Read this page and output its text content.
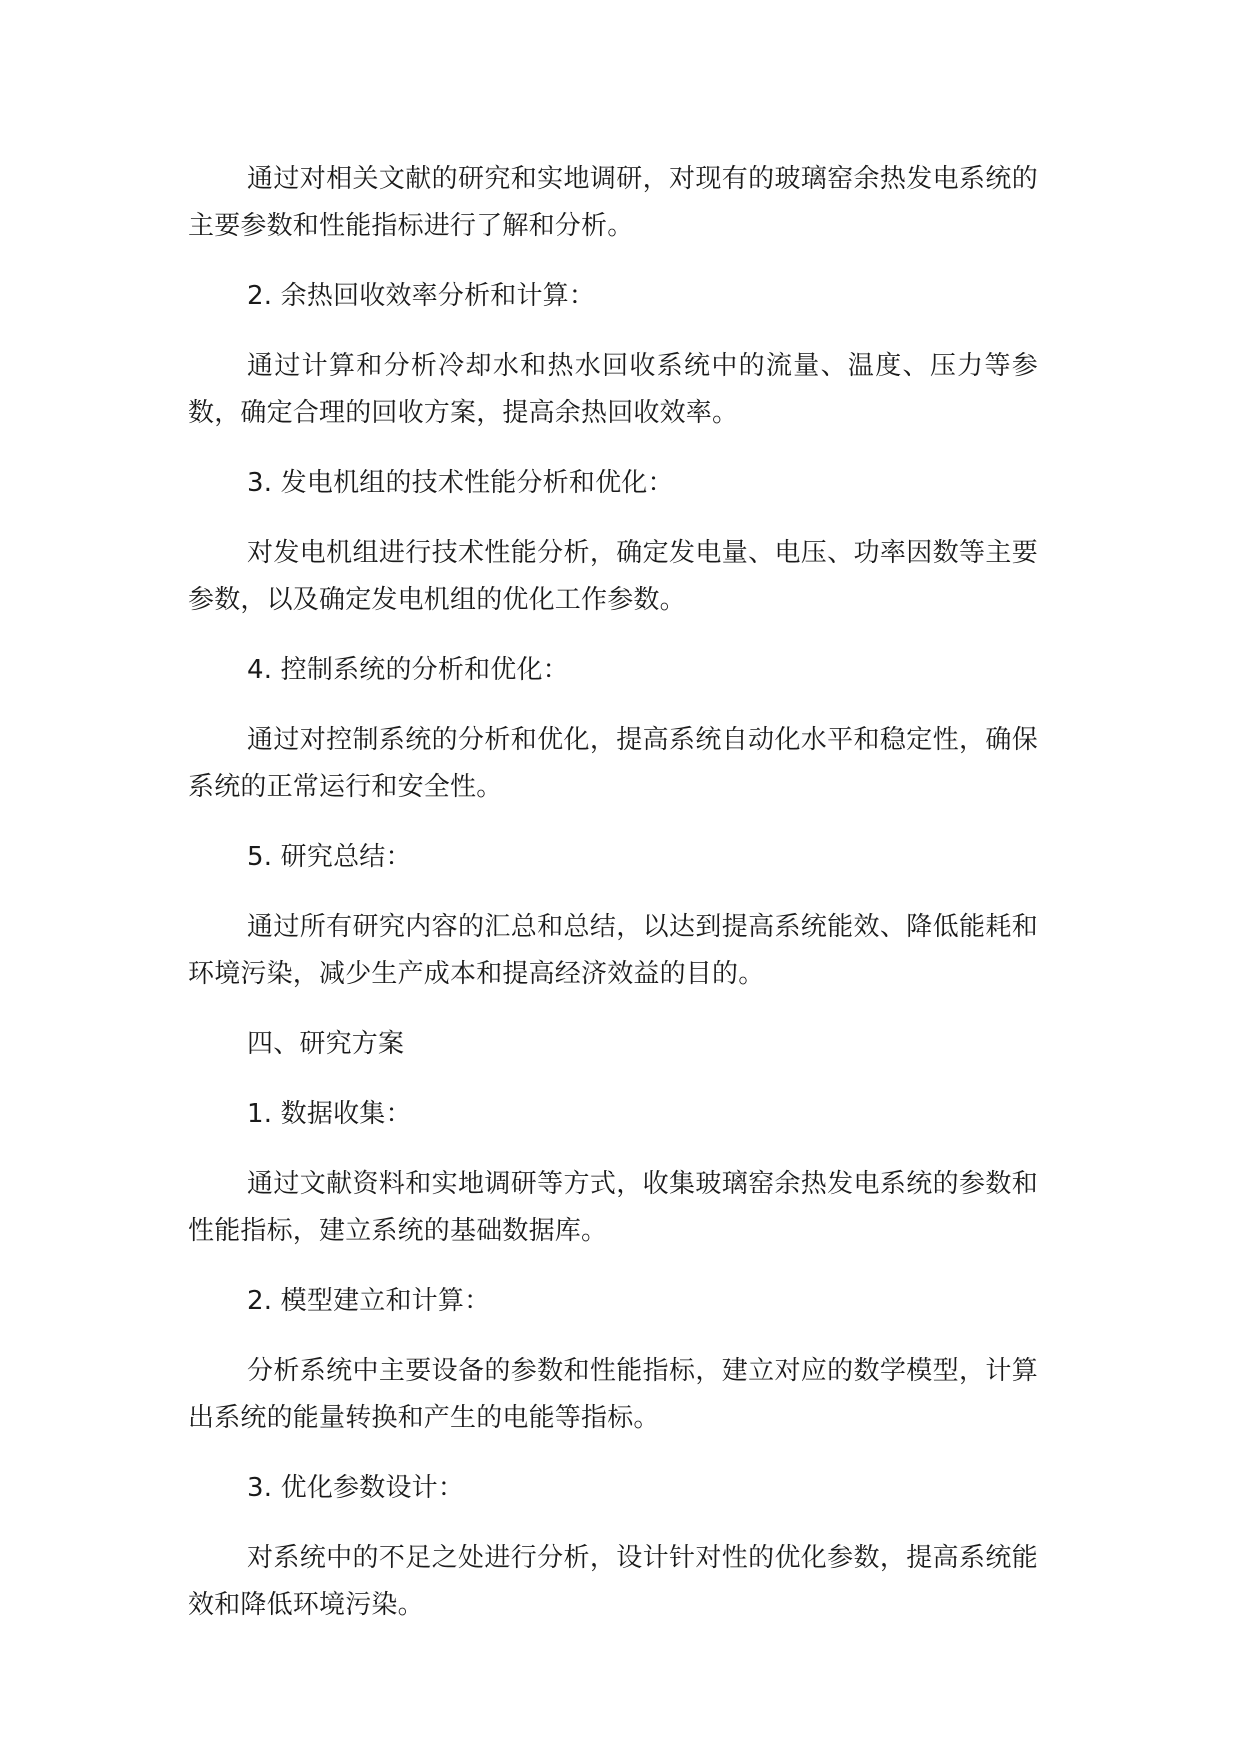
通过对相关文献的研究和实地调研，对现有的玻璃窑余热发电系统的主要参数和性能指标进行了解和分析。

2. 余热回收效率分析和计算：

通过计算和分析冷却水和热水回收系统中的流量、温度、压力等参数，确定合理的回收方案，提高余热回收效率。

3. 发电机组的技术性能分析和优化：

对发电机组进行技术性能分析，确定发电量、电压、功率因数等主要参数，以及确定发电机组的优化工作参数。

4. 控制系统的分析和优化：

通过对控制系统的分析和优化，提高系统自动化水平和稳定性，确保系统的正常运行和安全性。

5. 研究总结：

通过所有研究内容的汇总和总结，以达到提高系统能效、降低能耗和环境污染，减少生产成本和提高经济效益的目的。

四、研究方案

1. 数据收集：

通过文献资料和实地调研等方式，收集玻璃窑余热发电系统的参数和性能指标，建立系统的基础数据库。

2. 模型建立和计算：

分析系统中主要设备的参数和性能指标，建立对应的数学模型，计算出系统的能量转换和产生的电能等指标。

3. 优化参数设计：

对系统中的不足之处进行分析，设计针对性的优化参数，提高系统能效和降低环境污染。
